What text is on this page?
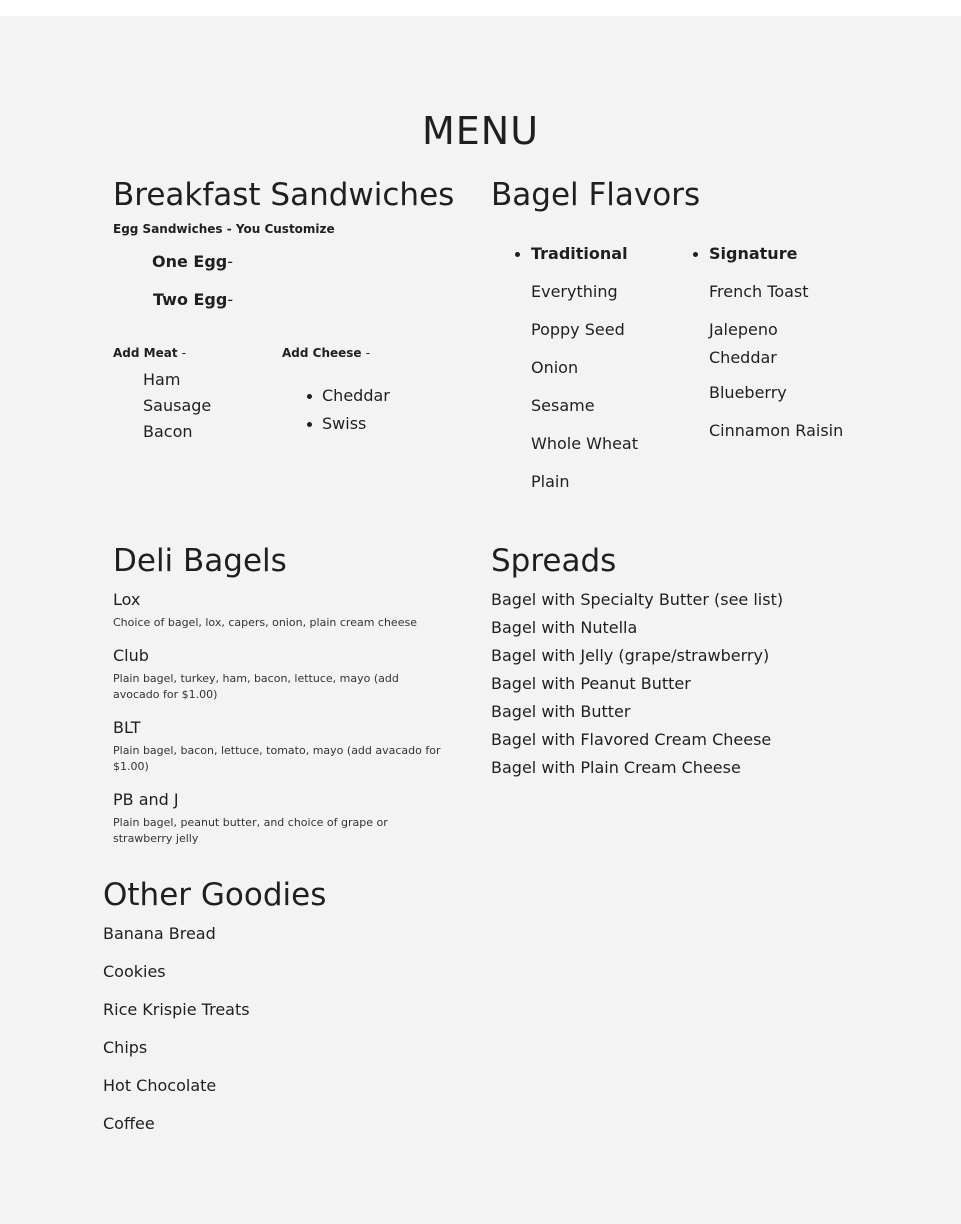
MENU
Breakfast Sandwiches
Egg Sandwiches - You Customize
One Egg-
Two Egg-
Add Meat -
Ham
Sausage
Bacon
Add Cheese -
Cheddar
Swiss
Bagel Flavors
Traditional
Everything
Poppy Seed
Onion
Sesame
Whole Wheat
Plain
Signature
French Toast
Jalepeno Cheddar
Blueberry
Cinnamon Raisin
Deli Bagels
Lox
Choice of bagel, lox, capers, onion, plain cream cheese
Club
Plain bagel, turkey, ham, bacon, lettuce, mayo (add avocado for $1.00)
BLT
Plain bagel, bacon, lettuce, tomato, mayo (add avacado for $1.00)
PB and J
Plain bagel, peanut butter, and choice of grape or strawberry jelly
Spreads
Bagel with Specialty Butter (see list)
Bagel with Nutella
Bagel with Jelly (grape/strawberry)
Bagel with Peanut Butter
Bagel with Butter
Bagel with Flavored Cream Cheese
Bagel with Plain Cream Cheese
Other Goodies
Banana Bread
Cookies
Rice Krispie Treats
Chips
Hot Chocolate
Coffee
